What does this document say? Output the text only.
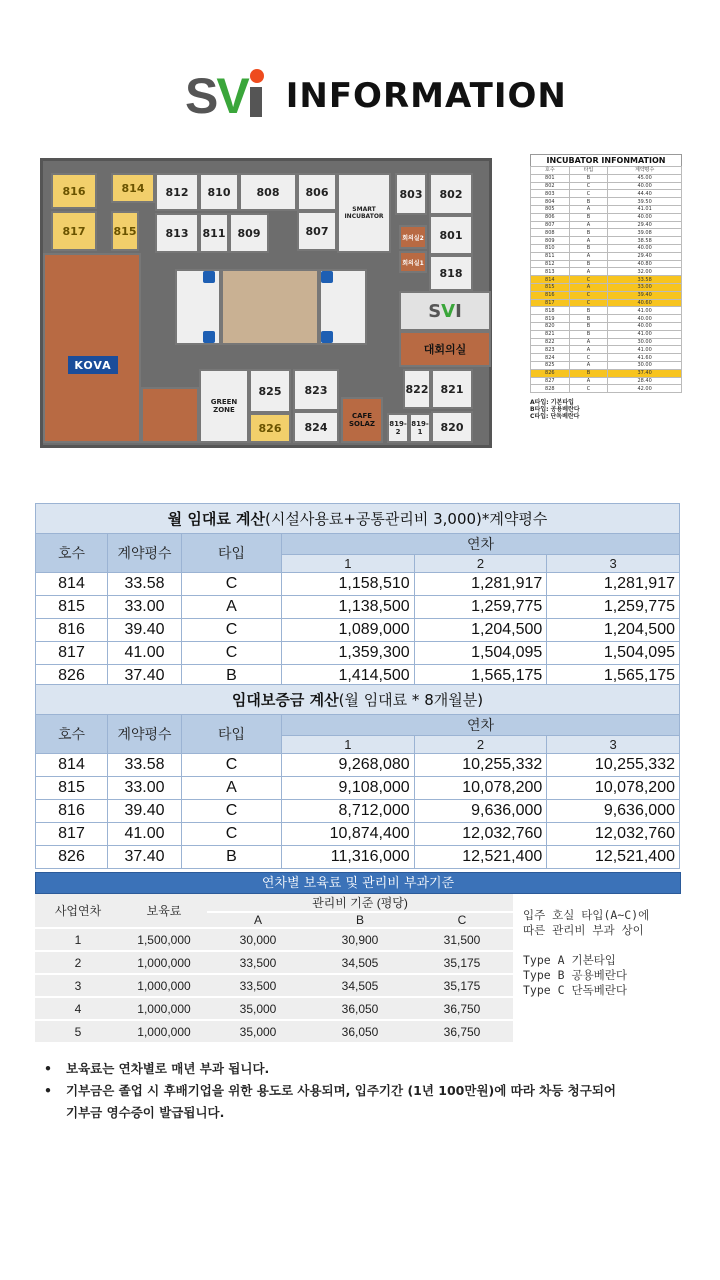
S V INFORMATION
816	814
817	815
812 810 808 806
SMART INCUBATOR
803 802
813 811 809	807	801
회의실2
회의실1
818
SVI
대회의실
GREEN ZONE
825
826
823
824
CAFE SOLAZ
822 821
819-2
819-1	820
KOVA
INCUBATOR INFONMATION
호수	타입	계약평수
801	B	45.00
802	C	40.00
803	C	44.40
804	B	39.50
805	A	41.01
806	B	40.00
807	A	29.40
808	B	39.08
809	A	38.58
810	B	40.00
811	A	29.40
812	B	40.80
813	A	32.00
814	C	33.58
815	A	33.00
816	C	39.40
817	C	40.60
818	B	41.00
819	B	40.00
820	B	40.00
821	B	41.00
822	A	30.00
823	A	41.00
824	C	41.60
825	A	30.00
826	B	37.40
827	A	28.40
828	C	42.00
A타입: 기본타입
B타입: 공용베란다
C타입: 단독베란다
월 임대료 계산(시설사용료+공통관리비 3,000)*계약평수					
호수	계약평수	타입	연차		
			1	2	3
814	33.58	C	1,158,510	1,281,917	1,281,917
815	33.00	A	1,138,500	1,259,775	1,259,775
816	39.40	C	1,089,000	1,204,500	1,204,500
817	41.00	C	1,359,300	1,504,095	1,504,095
826	37.40	B	1,414,500	1,565,175	1,565,175
임대보증금 계산(월 임대료 * 8개월분)					
호수	계약평수	타입	연차		
			1	2	3
814	33.58	C	9,268,080	10,255,332	10,255,332
815	33.00	A	9,108,000	10,078,200	10,078,200
816	39.40	C	8,712,000	9,636,000	9,636,000
817	41.00	C	10,874,400	12,032,760	12,032,760
826	37.40	B	11,316,000	12,521,400	12,521,400
연차별 보육료 및 관리비 부과기준
사업연차	보육료	관리비 기준 (평당)		
		A	B	C
1	1,500,000	30,000	30,900	31,500
2	1,000,000	33,500	34,505	35,175
3	1,000,000	33,500	34,505	35,175
4	1,000,000	35,000	36,050	36,750
5	1,000,000	35,000	36,050	36,750
입주 호실 타입(A~C)에
따른 관리비 부과 상이
Type A 기본타입
Type B 공용베란다
Type C 단독베란다
• 보육료는 연차별로 매년 부과 됩니다.
• 기부금은 졸업 시 후배기업을 위한 용도로 사용되며, 입주기간 (1년 100만원)에 따라 차등 청구되어
기부금 영수증이 발급됩니다.
